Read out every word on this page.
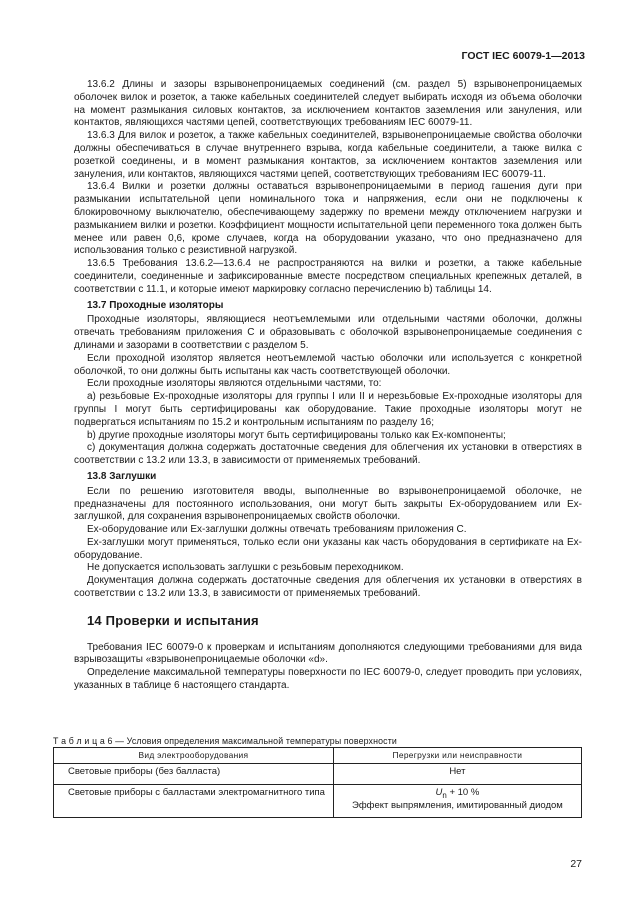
ГОСТ IEC 60079-1—2013

13.6.2 Длины и зазоры взрывонепроницаемых соединений (см. раздел 5) взрывонепроницаемых оболочек вилок и розеток, а также кабельных соединителей следует выбирать исходя из объема оболочки на момент размыкания силовых контактов, за исключением контактов заземления или зануления, или контактов, являющихся частями цепей, соответствующих требованиям IEC 60079-11.

13.6.3 Для вилок и розеток, а также кабельных соединителей, взрывонепроницаемые свойства оболочки должны обеспечиваться в случае внутреннего взрыва, когда кабельные соединители, а также вилка с розеткой соединены, и в момент размыкания контактов, за исключением контактов заземления или зануления, или контактов, являющихся частями цепей, соответствующих требованиям IEC 60079-11.

13.6.4 Вилки и розетки должны оставаться взрывонепроницаемыми в период гашения дуги при размыкании испытательной цепи номинального тока и напряжения, если они не подключены к блокировочному выключателю, обеспечивающему задержку по времени между отключением нагрузки и размыканием вилки и розетки. Коэффициент мощности испытательной цепи переменного тока должен быть менее или равен 0,6, кроме случаев, когда на оборудовании указано, что оно предназначено для использования только с резистивной нагрузкой.

13.6.5 Требования 13.6.2—13.6.4 не распространяются на вилки и розетки, а также кабельные соединители, соединенные и зафиксированные вместе посредством специальных крепежных деталей, в соответствии с 11.1, и которые имеют маркировку согласно перечислению b) таблицы 14.

13.7 Проходные изоляторы

Проходные изоляторы, являющиеся неотъемлемыми или отдельными частями оболочки, должны отвечать требованиям приложения С и образовывать с оболочкой взрывонепроницаемые соединения с длинами и зазорами в соответствии с разделом 5.

Если проходной изолятор является неотъемлемой частью оболочки или используется с конкретной оболочкой, то они должны быть испытаны как часть соответствующей оболочки.

Если проходные изоляторы являются отдельными частями, то:

а) резьбовые Ex-проходные изоляторы для группы I или II и нерезьбовые Ex-проходные изоляторы для группы I могут быть сертифицированы как оборудование. Такие проходные изоляторы могут не подвергаться испытаниям по 15.2 и контрольным испытаниям по разделу 16;

b) другие проходные изоляторы могут быть сертифицированы только как Ex-компоненты;

с) документация должна содержать достаточные сведения для облегчения их установки в отверстиях в соответствии с 13.2 или 13.3, в зависимости от применяемых требований.

13.8 Заглушки

Если по решению изготовителя вводы, выполненные во взрывонепроницаемой оболочке, не предназначены для постоянного использования, они могут быть закрыты Ex-оборудованием или Ex-заглушкой, для сохранения взрывонепроницаемых свойств оболочки.

Ex-оборудование или Ex-заглушки должны отвечать требованиям приложения С.

Ex-заглушки могут применяться, только если они указаны как часть оборудования в сертификате на Ex-оборудование.

Не допускается использовать заглушки с резьбовым переходником.

Документация должна содержать достаточные сведения для облегчения их установки в отверстиях в соответствии с 13.2 или 13.3, в зависимости от применяемых требований.

14 Проверки и испытания

Требования IEC 60079-0 к проверкам и испытаниям дополняются следующими требованиями для вида взрывозащиты «взрывонепроницаемые оболочки «d».

Определение максимальной температуры поверхности по IEC 60079-0, следует проводить при условиях, указанных в таблице 6 настоящего стандарта.

Т а б л и ц а 6 — Условия определения максимальной температуры поверхности
Вид электрооборудования	Перегрузки или неисправности
Световые приборы (без балласта)	Нет
Световые приборы с балластами электромагнитного типа	$U_n + 10$ %
Эффект выпрямления, имитированный диодом
27
